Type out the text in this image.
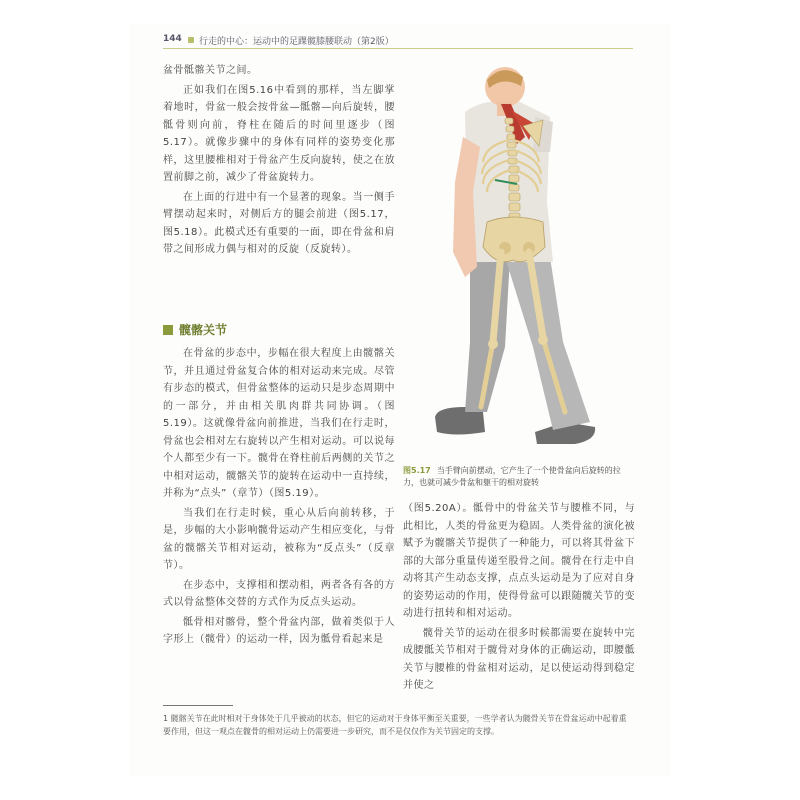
144 行走的中心：运动中的足踝髋膝腰联动（第2版）

盆骨骶髂关节之间。

正如我们在图5.16中看到的那样，当左脚掌着地时，骨盆一般会按骨盆—骶髂—向后旋转，腰骶骨则向前，脊柱在随后的时间里逐步（图5.17）。就像步骤中的身体有同样的姿势变化那样，这里腰椎相对于骨盆产生反向旋转，使之在放置前脚之前，减少了骨盆旋转力。

在上面的行进中有一个显著的现象。当一侧手臂摆动起来时，对侧后方的腿会前进（图5.17，图5.18）。此模式还有重要的一面，即在骨盆和肩带之间形成力偶与相对的反旋（反旋转）。

髋髂关节

在骨盆的步态中，步幅在很大程度上由髋髂关节，并且通过骨盆复合体的相对运动来完成。尽管有步态的模式，但骨盆整体的运动只是步态周期中的一部分，并由相关肌肉群共同协调。（图5.19）。这就像骨盆向前推进，当我们在行走时，骨盆也会相对左右旋转以产生相对运动。可以说每个人都至少有一下。髋骨在脊柱前后两侧的关节之中相对运动，髋髂关节的旋转在运动中一直持续，并称为“点头”（章节）（图5.19）。

当我们在行走时候，重心从后向前转移，于是，步幅的大小影响髋骨运动产生相应变化，与骨盆的髋髂关节相对运动，被称为“反点头”（反章节）。

在步态中，支撑相和摆动相，两者各有各的方式以骨盆整体交替的方式作为反点头运动。

骶骨相对髂骨，整个骨盆内部，做着类似于人字形上（髋骨）的运动一样，因为骶骨看起来是

图5.17 当手臂向前摆动，它产生了一个使骨盆向后旋转的拉力，也就可减少骨盆和躯干的相对旋转

（图5.20A）。骶骨中的骨盆关节与腰椎不同，与此相比，人类的骨盆更为稳固。人类骨盆的演化被赋予为髋髂关节提供了一种能力，可以将其骨盆下部的大部分重量传递至股骨之间。髋骨在行走中自动将其产生动态支撑，点点头运动是为了应对自身的姿势运动的作用，使得骨盆可以跟随髋关节的变动进行扭转和相对运动。

髋骨关节的运动在很多时候都需要在旋转中完成腰骶关节相对于髋骨对身体的正确运动，即腰骶关节与腰椎的骨盆相对运动，足以使运动得到稳定并使之

1 髋髂关节在此时相对于身体处于几乎被动的状态，但它的运动对于身体平衡至关重要，一些学者认为髋骨关节在骨盆运动中起着重要作用，但这一观点在髋骨的相对运动上仍需要进一步研究，而不是仅仅作为关节固定的支撑。
